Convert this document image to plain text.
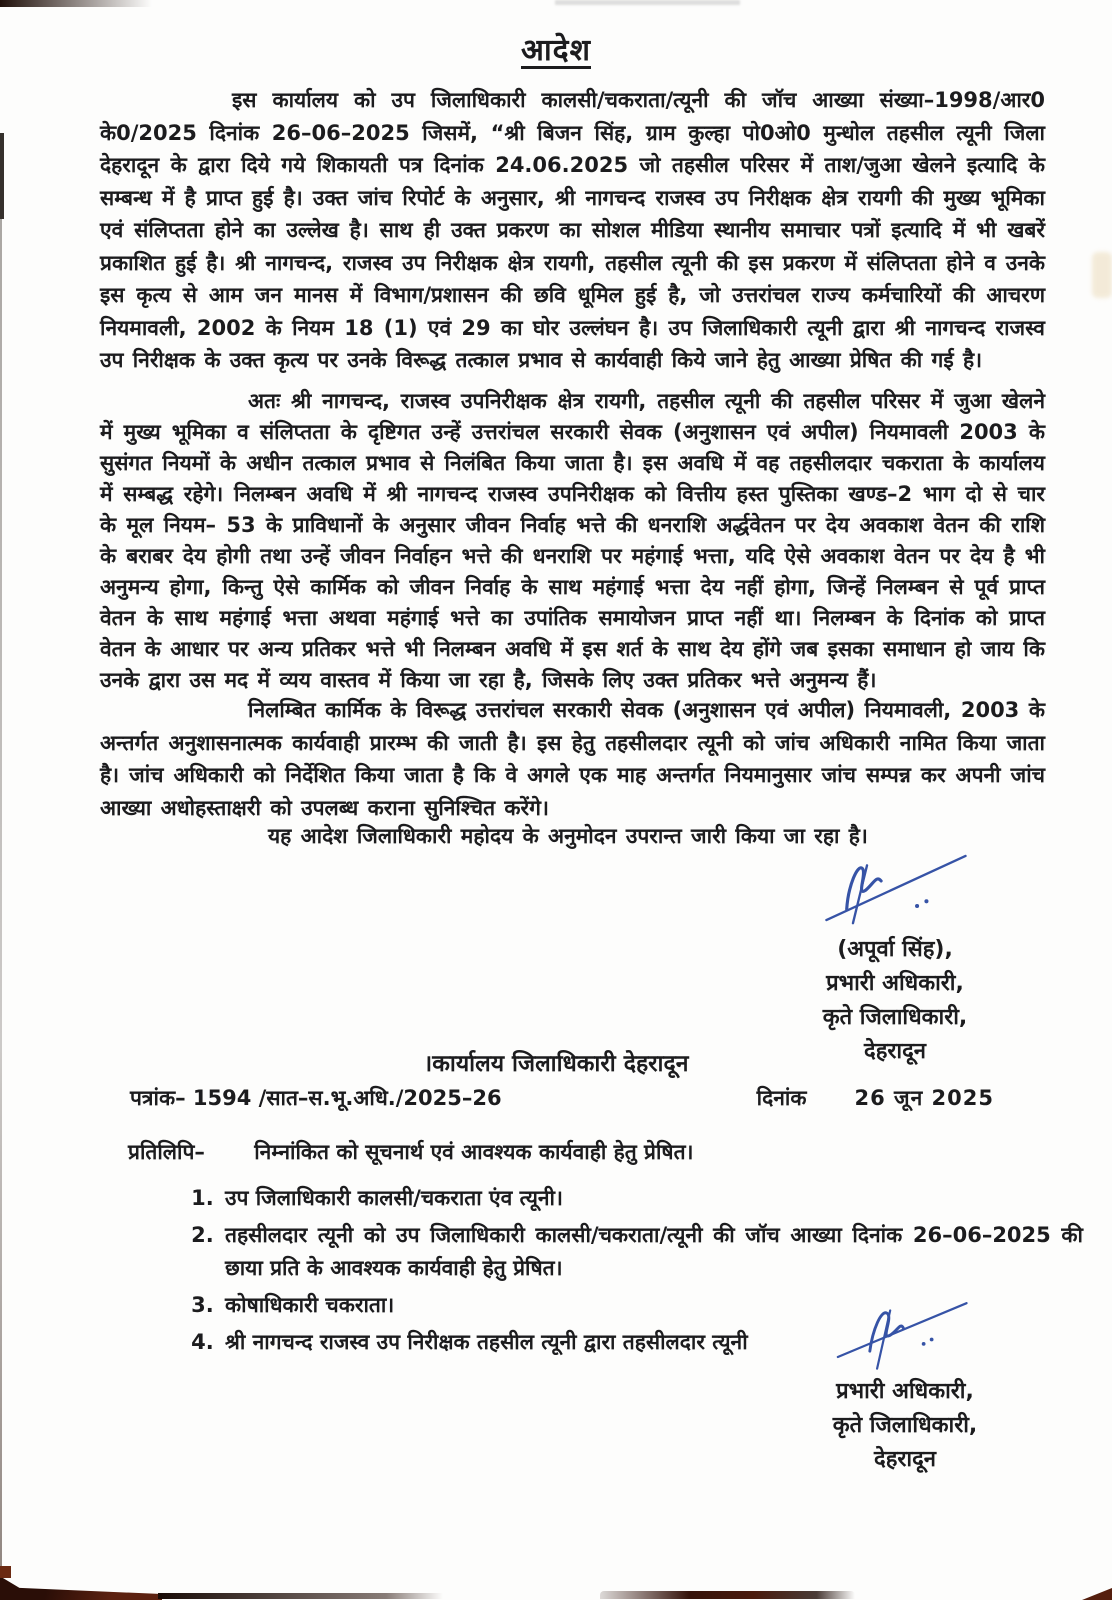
आदेश

इस कार्यालय को उप जिलाधिकारी कालसी/चकराता/त्यूनी की जॉच आख्या संख्या–1998/आर0 के0/2025 दिनांक 26–06–2025 जिसमें, “श्री बिजन सिंह, ग्राम कुल्हा पो0ओ0 मुन्धोल तहसील त्यूनी जिला देहरादून के द्वारा दिये गये शिकायती पत्र दिनांक 24.06.2025 जो तहसील परिसर में ताश/जुआ खेलने इत्यादि के सम्बन्ध में है प्राप्त हुई है। उक्त जांच रिपोर्ट के अनुसार, श्री नागचन्द राजस्व उप निरीक्षक क्षेत्र रायगी की मुख्य भूमिका एवं संलिप्तता होने का उल्लेख है। साथ ही उक्त प्रकरण का सोशल मीडिया स्थानीय समाचार पत्रों इत्यादि में भी खबरें प्रकाशित हुई है। श्री नागचन्द, राजस्व उप निरीक्षक क्षेत्र रायगी, तहसील त्यूनी की इस प्रकरण में संलिप्तता होने व उनके इस कृत्य से आम जन मानस में विभाग/प्रशासन की छवि धूमिल हुई है, जो उत्तरांचल राज्य कर्मचारियों की आचरण नियमावली, 2002 के नियम 18 (1) एवं 29 का घोर उल्लंघन है। उप जिलाधिकारी त्यूनी द्वारा श्री नागचन्द राजस्व उप निरीक्षक के उक्त कृत्य पर उनके विरूद्ध तत्काल प्रभाव से कार्यवाही किये जाने हेतु आख्या प्रेषित की गई है।

अतः श्री नागचन्द, राजस्व उपनिरीक्षक क्षेत्र रायगी, तहसील त्यूनी की तहसील परिसर में जुआ खेलने में मुख्य भूमिका व संलिप्तता के दृष्टिगत उन्हें उत्तरांचल सरकारी सेवक (अनुशासन एवं अपील) नियमावली 2003 के सुसंगत नियमों के अधीन तत्काल प्रभाव से निलंबित किया जाता है। इस अवधि में वह तहसीलदार चकराता के कार्यालय में सम्बद्ध रहेगे। निलम्बन अवधि में श्री नागचन्द राजस्व उपनिरीक्षक को वित्तीय हस्त पुस्तिका खण्ड–2 भाग दो से चार के मूल नियम– 53 के प्राविधानों के अनुसार जीवन निर्वाह भत्ते की धनराशि अर्द्धवेतन पर देय अवकाश वेतन की राशि के बराबर देय होगी तथा उन्हें जीवन निर्वाहन भत्ते की धनराशि पर महंगाई भत्ता, यदि ऐसे अवकाश वेतन पर देय है भी अनुमन्य होगा, किन्तु ऐसे कार्मिक को जीवन निर्वाह के साथ महंगाई भत्ता देय नहीं होगा, जिन्हें निलम्बन से पूर्व प्राप्त वेतन के साथ महंगाई भत्ता अथवा महंगाई भत्ते का उपांतिक समायोजन प्राप्त नहीं था। निलम्बन के दिनांक को प्राप्त वेतन के आधार पर अन्य प्रतिकर भत्ते भी निलम्बन अवधि में इस शर्त के साथ देय होंगे जब इसका समाधान हो जाय कि उनके द्वारा उस मद में व्यय वास्तव में किया जा रहा है, जिसके लिए उक्त प्रतिकर भत्ते अनुमन्य हैं।

निलम्बित कार्मिक के विरूद्ध उत्तरांचल सरकारी सेवक (अनुशासन एवं अपील) नियमावली, 2003 के अन्तर्गत अनुशासनात्मक कार्यवाही प्रारम्भ की जाती है। इस हेतु तहसीलदार त्यूनी को जांच अधिकारी नामित किया जाता है। जांच अधिकारी को निर्देशित किया जाता है कि वे अगले एक माह अन्तर्गत नियमानुसार जांच सम्पन्न कर अपनी जांच आख्या अधोहस्ताक्षरी को उपलब्ध कराना सुनिश्चित करेंगे।

यह आदेश जिलाधिकारी महोदय के अनुमोदन उपरान्त जारी किया जा रहा है।

(अपूर्वा सिंह),
प्रभारी अधिकारी,
कृते जिलाधिकारी,
देहरादून
।कार्यालय जिलाधिकारी देहरादून
पत्रांक– 1594 /सात–स.भू.अधि./2025–26	दिनांक 26 जून 2025
प्रतिलिपि– निम्नांकित को सूचनार्थ एवं आवश्यक कार्यवाही हेतु प्रेषित।
1. उप जिलाधिकारी कालसी/चकराता एंव त्यूनी।
2. तहसीलदार त्यूनी को उप जिलाधिकारी कालसी/चकराता/त्यूनी की जॉच आख्या दिनांक 26–06–2025 की छाया प्रति के आवश्यक कार्यवाही हेतु प्रेषित।
3. कोषाधिकारी चकराता।
4. श्री नागचन्द राजस्व उप निरीक्षक तहसील त्यूनी द्वारा तहसीलदार त्यूनी
प्रभारी अधिकारी,
कृते जिलाधिकारी,
देहरादून
